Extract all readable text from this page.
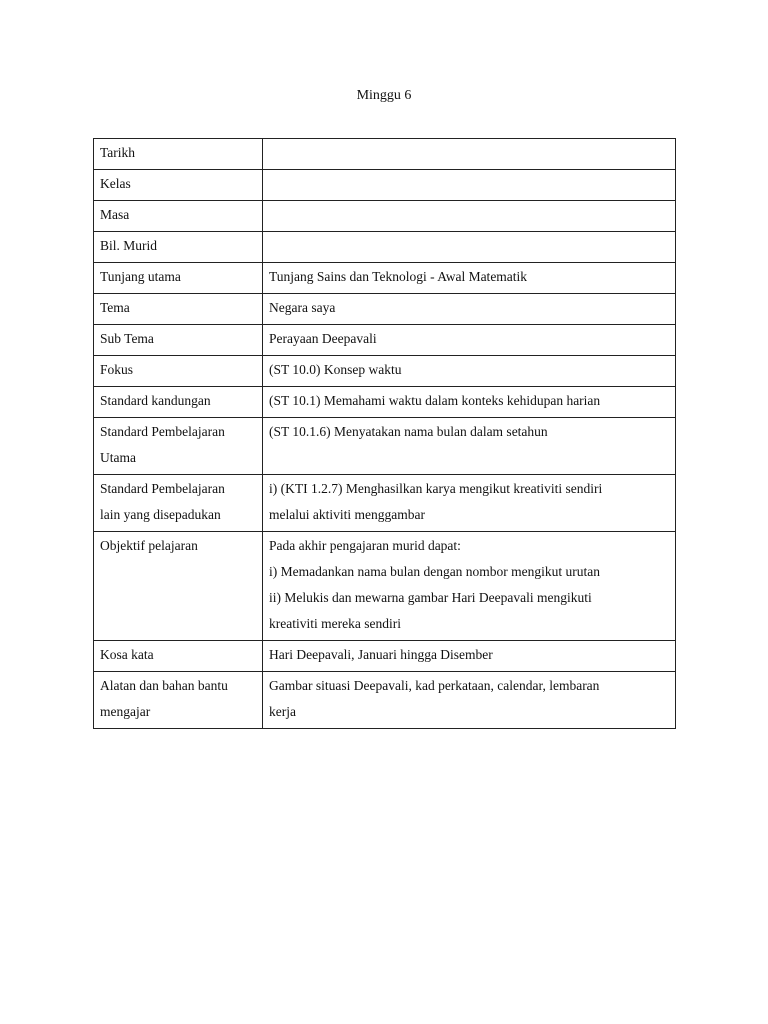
Minggu 6
Tarikh	

Kelas	

Masa	

Bil. Murid	

Tunjang utama	Tunjang Sains dan Teknologi - Awal Matematik

Tema	Negara saya

Sub Tema	Perayaan Deepavali

Fokus	(ST 10.0) Konsep waktu

Standard kandungan	(ST 10.1) Memahami waktu dalam konteks kehidupan harian

Standard Pembelajaran
Utama	(ST 10.1.6) Menyatakan nama bulan dalam setahun

Standard Pembelajaran
lain yang disepadukan	i) (KTI 1.2.7) Menghasilkan karya mengikut kreativiti sendiri
melalui aktiviti menggambar

Objektif pelajaran	Pada akhir pengajaran murid dapat:
i) Memadankan nama bulan dengan nombor mengikut urutan
ii) Melukis dan mewarna gambar Hari Deepavali mengikuti
kreativiti mereka sendiri

Kosa kata	Hari Deepavali, Januari hingga Disember

Alatan dan bahan bantu
mengajar	Gambar situasi Deepavali, kad perkataan, calendar, lembaran
kerja
